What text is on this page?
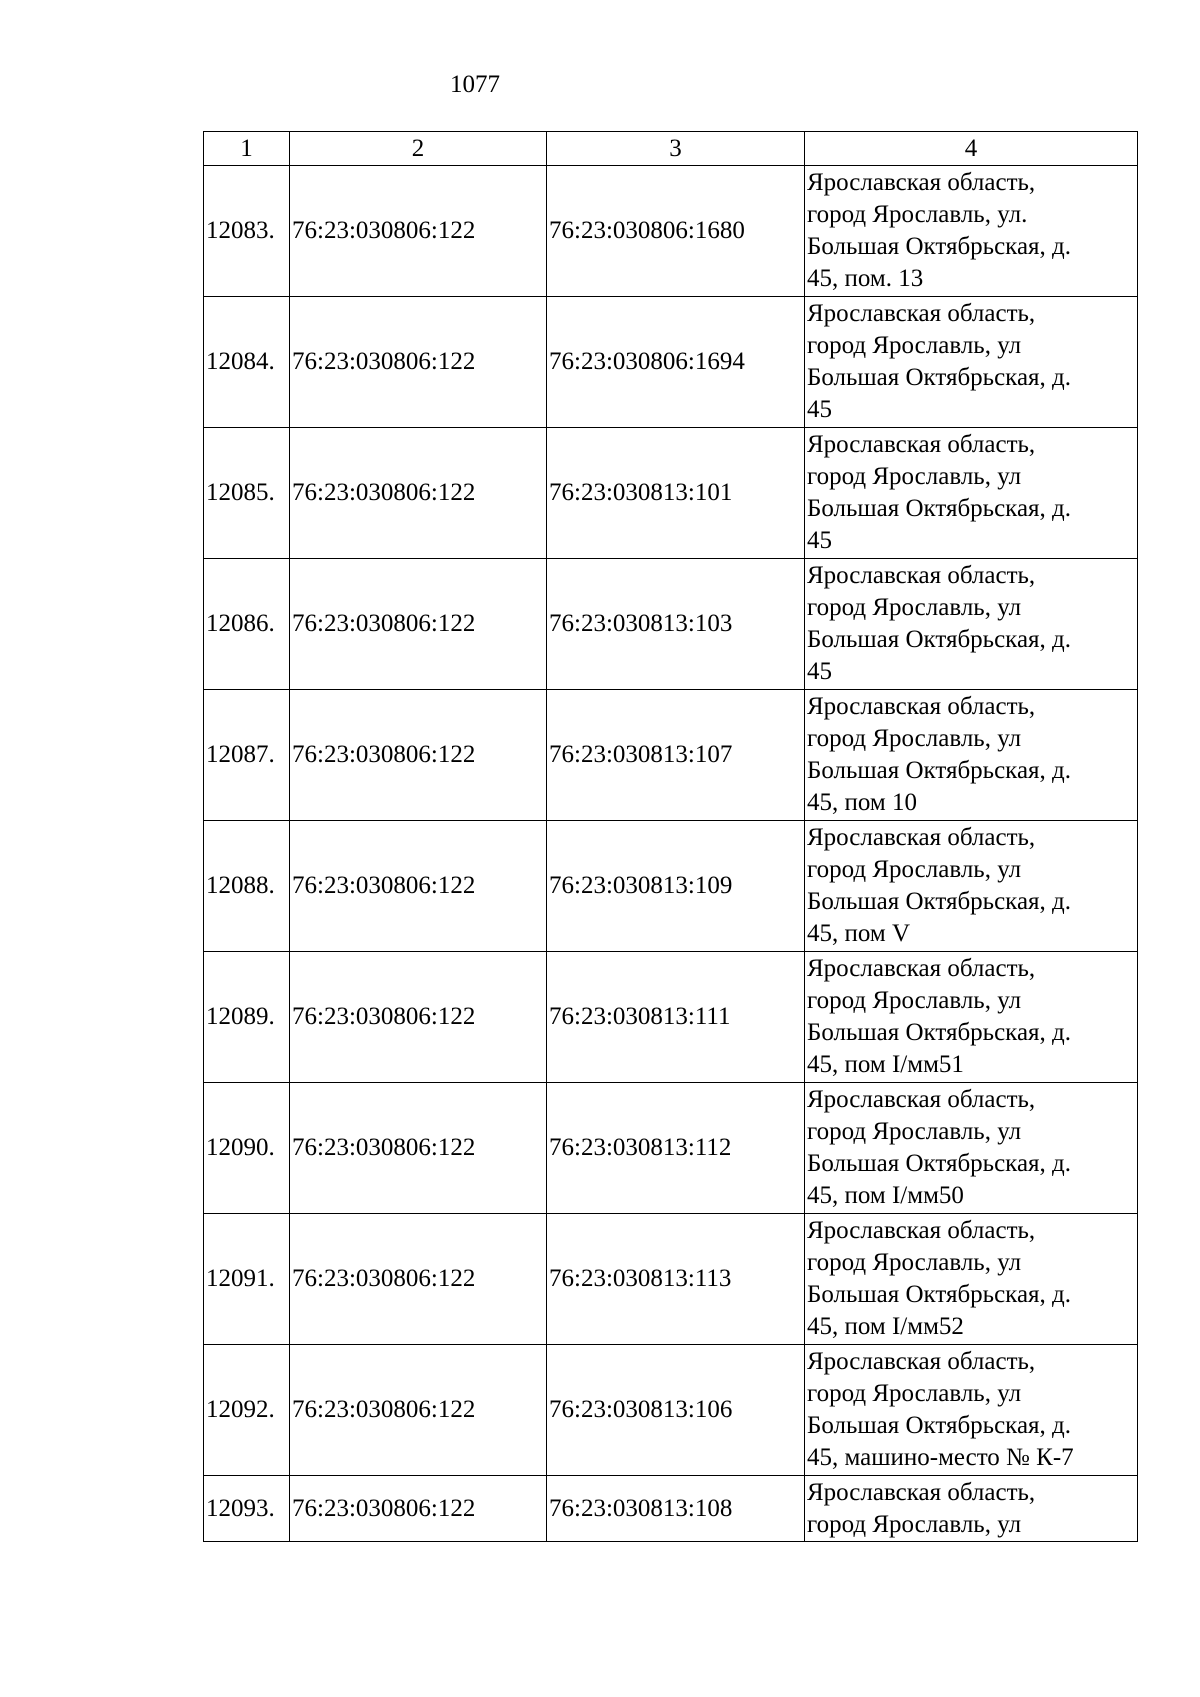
1077
1	2	3	4
12083.	76:23:030806:122	76:23:030806:1680	Ярославская область,
город Ярославль, ул.
Большая Октябрьская, д.
45, пом. 13

12084.	76:23:030806:122	76:23:030806:1694	Ярославская область,
город Ярославль, ул
Большая Октябрьская, д.
45

12085.	76:23:030806:122	76:23:030813:101	Ярославская область,
город Ярославль, ул
Большая Октябрьская, д.
45

12086.	76:23:030806:122	76:23:030813:103	Ярославская область,
город Ярославль, ул
Большая Октябрьская, д.
45

12087.	76:23:030806:122	76:23:030813:107	Ярославская область,
город Ярославль, ул
Большая Октябрьская, д.
45, пом 10

12088.	76:23:030806:122	76:23:030813:109	Ярославская область,
город Ярославль, ул
Большая Октябрьская, д.
45, пом V

12089.	76:23:030806:122	76:23:030813:111	Ярославская область,
город Ярославль, ул
Большая Октябрьская, д.
45, пом I/мм51

12090.	76:23:030806:122	76:23:030813:112	Ярославская область,
город Ярославль, ул
Большая Октябрьская, д.
45, пом I/мм50

12091.	76:23:030806:122	76:23:030813:113	Ярославская область,
город Ярославль, ул
Большая Октябрьская, д.
45, пом I/мм52

12092.	76:23:030806:122	76:23:030813:106	Ярославская область,
город Ярославль, ул
Большая Октябрьская, д.
45, машино-место № К-7

12093.	76:23:030806:122	76:23:030813:108	Ярославская область,
город Ярославль, ул
